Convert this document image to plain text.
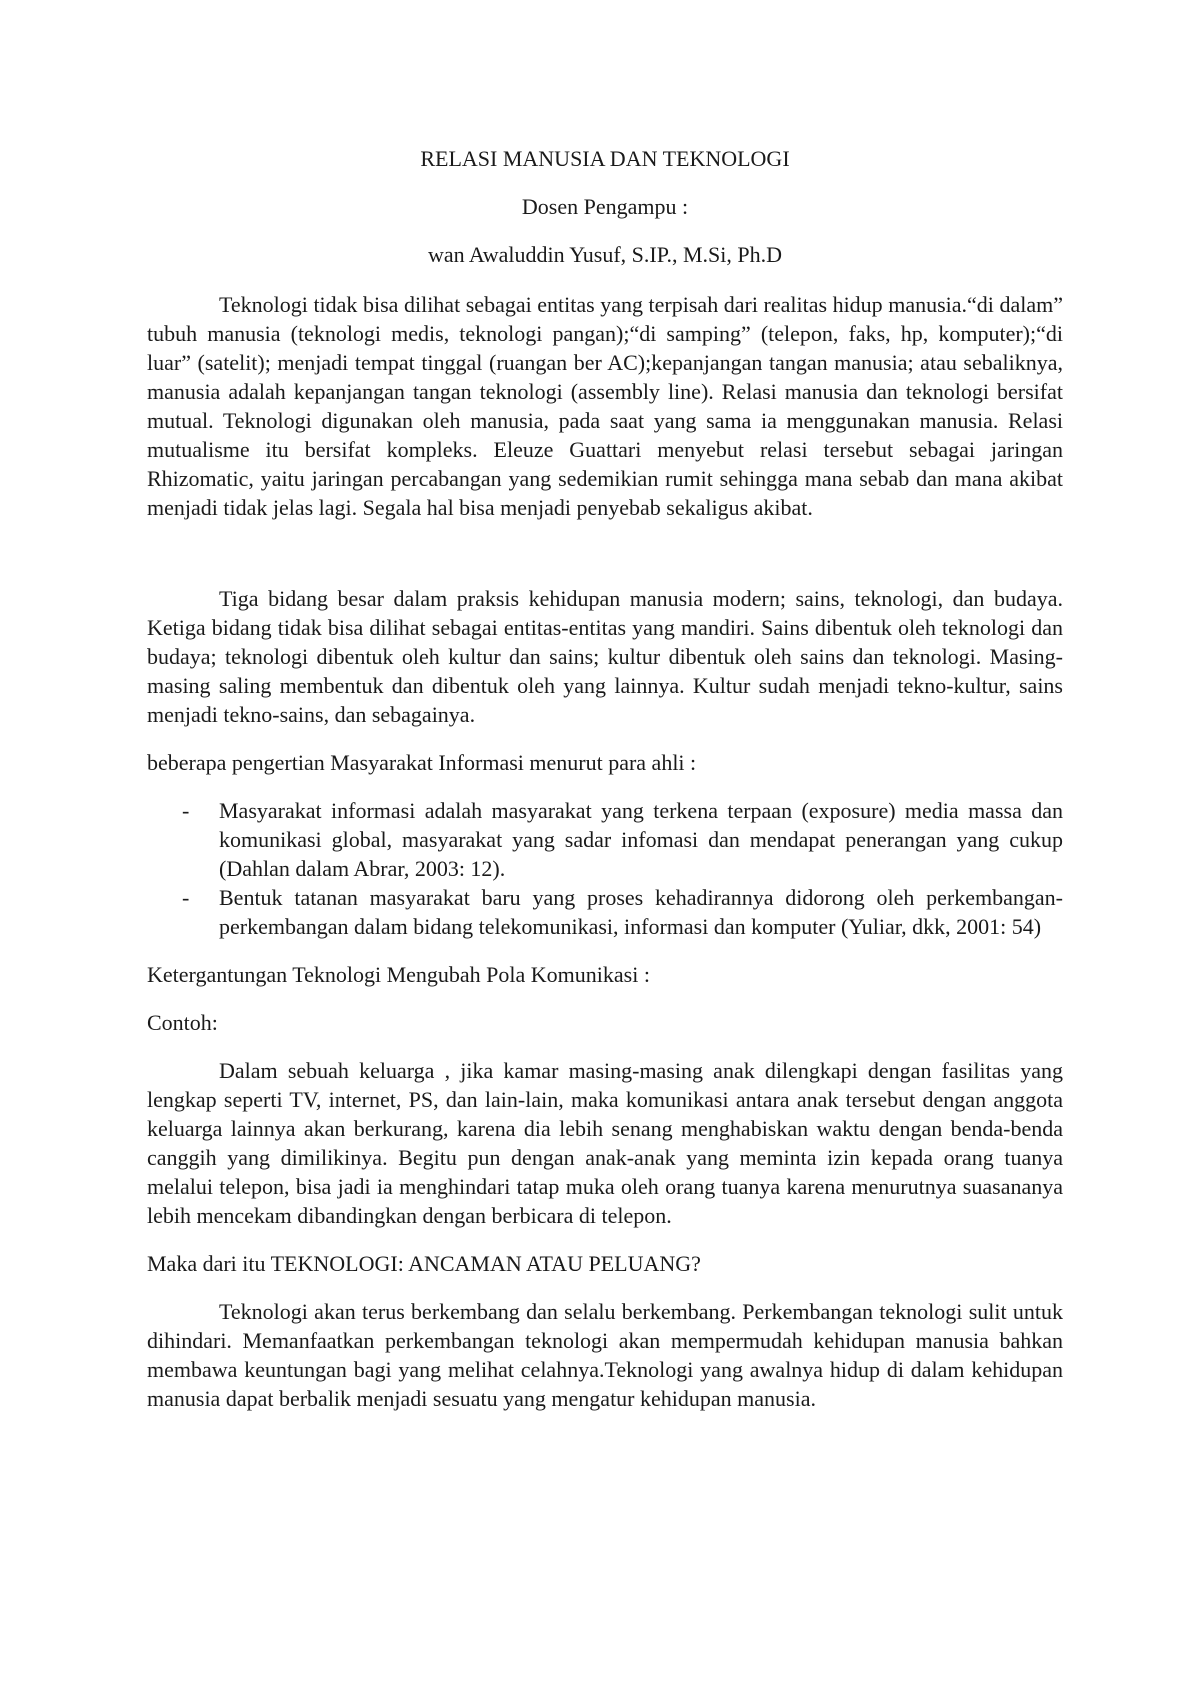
RELASI MANUSIA DAN TEKNOLOGI

Dosen Pengampu :

wan Awaluddin Yusuf, S.IP., M.Si, Ph.D

Teknologi tidak bisa dilihat sebagai entitas yang terpisah dari realitas hidup manusia.“di dalam” tubuh manusia (teknologi medis, teknologi pangan);“di samping” (telepon, faks, hp, komputer);“di luar” (satelit); menjadi tempat tinggal (ruangan ber AC);kepanjangan tangan manusia; atau sebaliknya, manusia adalah kepanjangan tangan teknologi (assembly line). Relasi manusia dan teknologi bersifat mutual. Teknologi digunakan oleh manusia, pada saat yang sama ia menggunakan manusia. Relasi mutualisme itu bersifat kompleks. Eleuze Guattari menyebut relasi tersebut sebagai jaringan Rhizomatic, yaitu jaringan percabangan yang sedemikian rumit sehingga mana sebab dan mana akibat menjadi tidak jelas lagi. Segala hal bisa menjadi penyebab sekaligus akibat.

Tiga bidang besar dalam praksis kehidupan manusia modern; sains, teknologi, dan budaya. Ketiga bidang tidak bisa dilihat sebagai entitas-entitas yang mandiri. Sains dibentuk oleh teknologi dan budaya; teknologi dibentuk oleh kultur dan sains; kultur dibentuk oleh sains dan teknologi. Masing-masing saling membentuk dan dibentuk oleh yang lainnya. Kultur sudah menjadi tekno-kultur, sains menjadi tekno-sains, dan sebagainya.

beberapa pengertian Masyarakat Informasi menurut para ahli :

- Masyarakat informasi adalah masyarakat yang terkena terpaan (exposure) media massa dan komunikasi global, masyarakat yang sadar infomasi dan mendapat penerangan yang cukup (Dahlan dalam Abrar, 2003: 12).
- Bentuk tatanan masyarakat baru yang proses kehadirannya didorong oleh perkembangan-perkembangan dalam bidang telekomunikasi, informasi dan komputer (Yuliar, dkk, 2001: 54)

Ketergantungan Teknologi Mengubah Pola Komunikasi :

Contoh:

Dalam sebuah keluarga , jika kamar masing-masing anak dilengkapi dengan fasilitas yang lengkap seperti TV, internet, PS, dan lain-lain, maka komunikasi antara anak tersebut dengan anggota keluarga lainnya akan berkurang, karena dia lebih senang menghabiskan waktu dengan benda-benda canggih yang dimilikinya. Begitu pun dengan anak-anak yang meminta izin kepada orang tuanya melalui telepon, bisa jadi ia menghindari tatap muka oleh orang tuanya karena menurutnya suasananya lebih mencekam dibandingkan dengan berbicara di telepon.

Maka dari itu TEKNOLOGI: ANCAMAN ATAU PELUANG?

Teknologi akan terus berkembang dan selalu berkembang. Perkembangan teknologi sulit untuk dihindari. Memanfaatkan perkembangan teknologi akan mempermudah kehidupan manusia bahkan membawa keuntungan bagi yang melihat celahnya.Teknologi yang awalnya hidup di dalam kehidupan manusia dapat berbalik menjadi sesuatu yang mengatur kehidupan manusia.
